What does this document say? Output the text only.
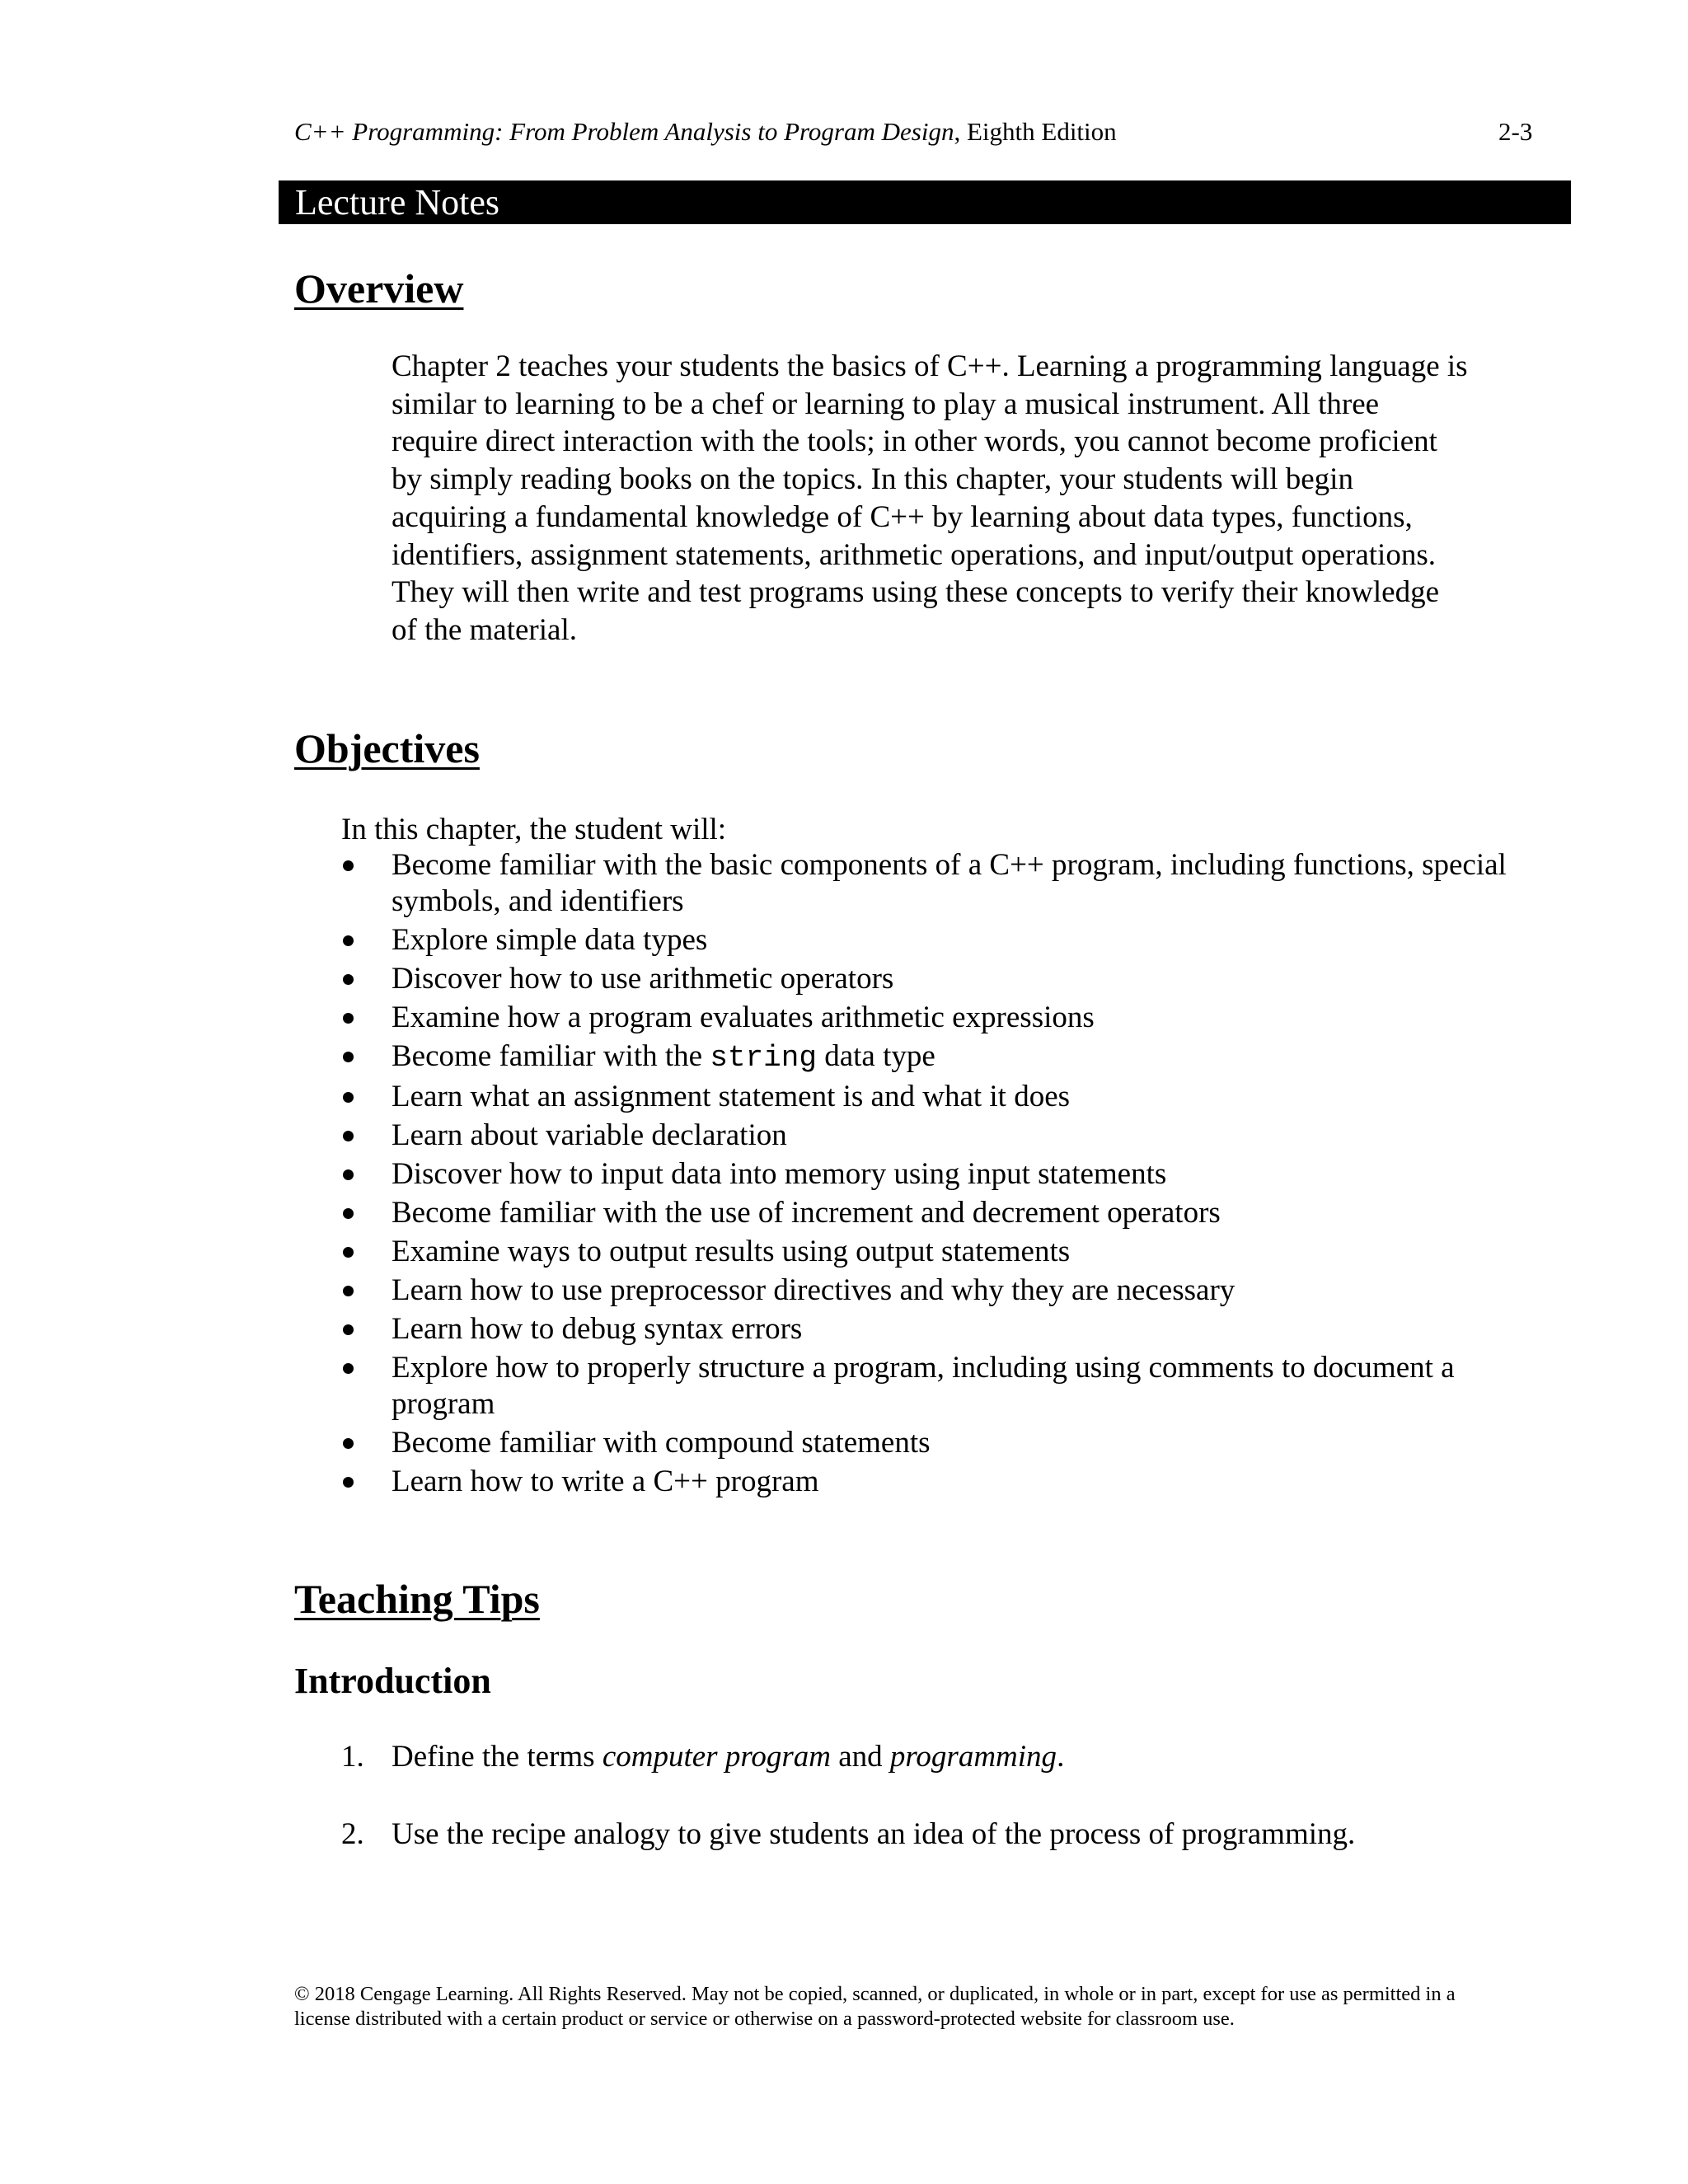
C++ Programming: From Problem Analysis to Program Design, Eighth Edition	2-3
Lecture Notes
Overview
Chapter 2 teaches your students the basics of C++. Learning a programming language is
similar to learning to be a chef or learning to play a musical instrument. All three
require direct interaction with the tools; in other words, you cannot become proficient
by simply reading books on the topics. In this chapter, your students will begin
acquiring a fundamental knowledge of C++ by learning about data types, functions,
identifiers, assignment statements, arithmetic operations, and input/output operations.
They will then write and test programs using these concepts to verify their knowledge
of the material.
Objectives
In this chapter, the student will:
Become familiar with the basic components of a C++ program, including functions, special symbols, and identifiers
Explore simple data types
Discover how to use arithmetic operators
Examine how a program evaluates arithmetic expressions
Become familiar with the string data type
Learn what an assignment statement is and what it does
Learn about variable declaration
Discover how to input data into memory using input statements
Become familiar with the use of increment and decrement operators
Examine ways to output results using output statements
Learn how to use preprocessor directives and why they are necessary
Learn how to debug syntax errors
Explore how to properly structure a program, including using comments to document a program
Become familiar with compound statements
Learn how to write a C++ program
Teaching Tips
Introduction
1. Define the terms computer program and programming.
2. Use the recipe analogy to give students an idea of the process of programming.
© 2018 Cengage Learning. All Rights Reserved. May not be copied, scanned, or duplicated, in whole or in part, except for use as permitted in a
license distributed with a certain product or service or otherwise on a password-protected website for classroom use.
